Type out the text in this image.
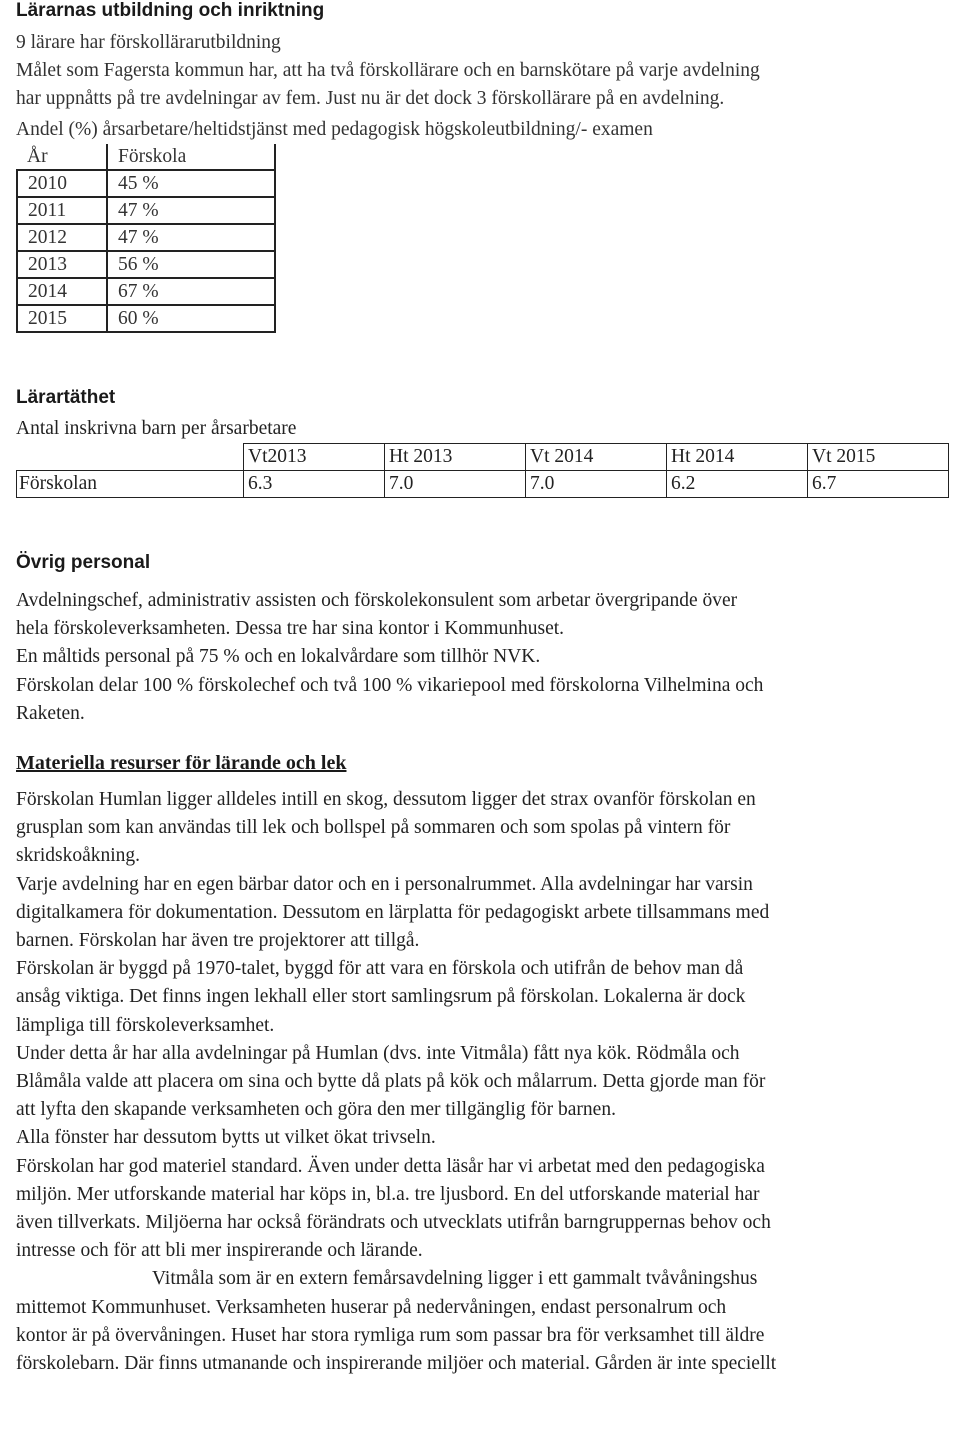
Lärarnas utbildning och inriktning

9 lärare har förskollärarutbildning

Målet som Fagersta kommun har, att ha två förskollärare och en barnskötare på varje avdelning

har uppnåtts på tre avdelningar av fem. Just nu är det dock 3 förskollärare på en avdelning.

Andel (%) årsarbetare/heltidstjänst med pedagogisk högskoleutbildning/- examen

År	Förskola
2010	45 %
2011	47 %
2012	47 %
2013	56 %
2014	67 %
2015	60 %
Lärartäthet

Antal inskrivna barn per årsarbetare

	Vt2013	Ht 2013	Vt 2014	Ht 2014	Vt 2015
Förskolan	6.3	7.0	7.0	6.2	6.7
Övrig personal

Avdelningschef, administrativ assisten och förskolekonsulent som arbetar övergripande över

hela förskoleverksamheten. Dessa tre har sina kontor i Kommunhuset.

En måltids personal på 75 % och en lokalvårdare som tillhör NVK.

Förskolan delar 100 % förskolechef och två 100 % vikariepool med förskolorna Vilhelmina och

Raketen.

Materiella resurser för lärande och lek

Förskolan Humlan ligger alldeles intill en skog, dessutom ligger det strax ovanför förskolan en

grusplan som kan användas till lek och bollspel på sommaren och som spolas på vintern för

skridskoåkning.

Varje avdelning har en egen bärbar dator och en i personalrummet. Alla avdelningar har varsin

digitalkamera för dokumentation. Dessutom en lärplatta för pedagogiskt arbete tillsammans med

barnen. Förskolan har även tre projektorer att tillgå.

Förskolan är byggd på 1970-talet, byggd för att vara en förskola och utifrån de behov man då

ansåg viktiga. Det finns ingen lekhall eller stort samlingsrum på förskolan. Lokalerna är dock

lämpliga till förskoleverksamhet.

Under detta år har alla avdelningar på Humlan (dvs. inte Vitmåla) fått nya kök. Rödmåla och

Blåmåla valde att placera om sina och bytte då plats på kök och målarrum. Detta gjorde man för

att lyfta den skapande verksamheten och göra den mer tillgänglig för barnen.

Alla fönster har dessutom bytts ut vilket ökat trivseln.

Förskolan har god materiel standard. Även under detta läsår har vi arbetat med den pedagogiska

miljön. Mer utforskande material har köps in, bl.a. tre ljusbord. En del utforskande material har

även tillverkats. Miljöerna har också förändrats och utvecklats utifrån barngruppernas behov och

intresse och för att bli mer inspirerande och lärande.

Vitmåla som är en extern femårsavdelning ligger i ett gammalt tvåvåningshus

mittemot Kommunhuset. Verksamheten huserar på nedervåningen, endast personalrum och

kontor är på övervåningen. Huset har stora rymliga rum som passar bra för verksamhet till äldre

förskolebarn. Där finns utmanande och inspirerande miljöer och material. Gården är inte speciellt
